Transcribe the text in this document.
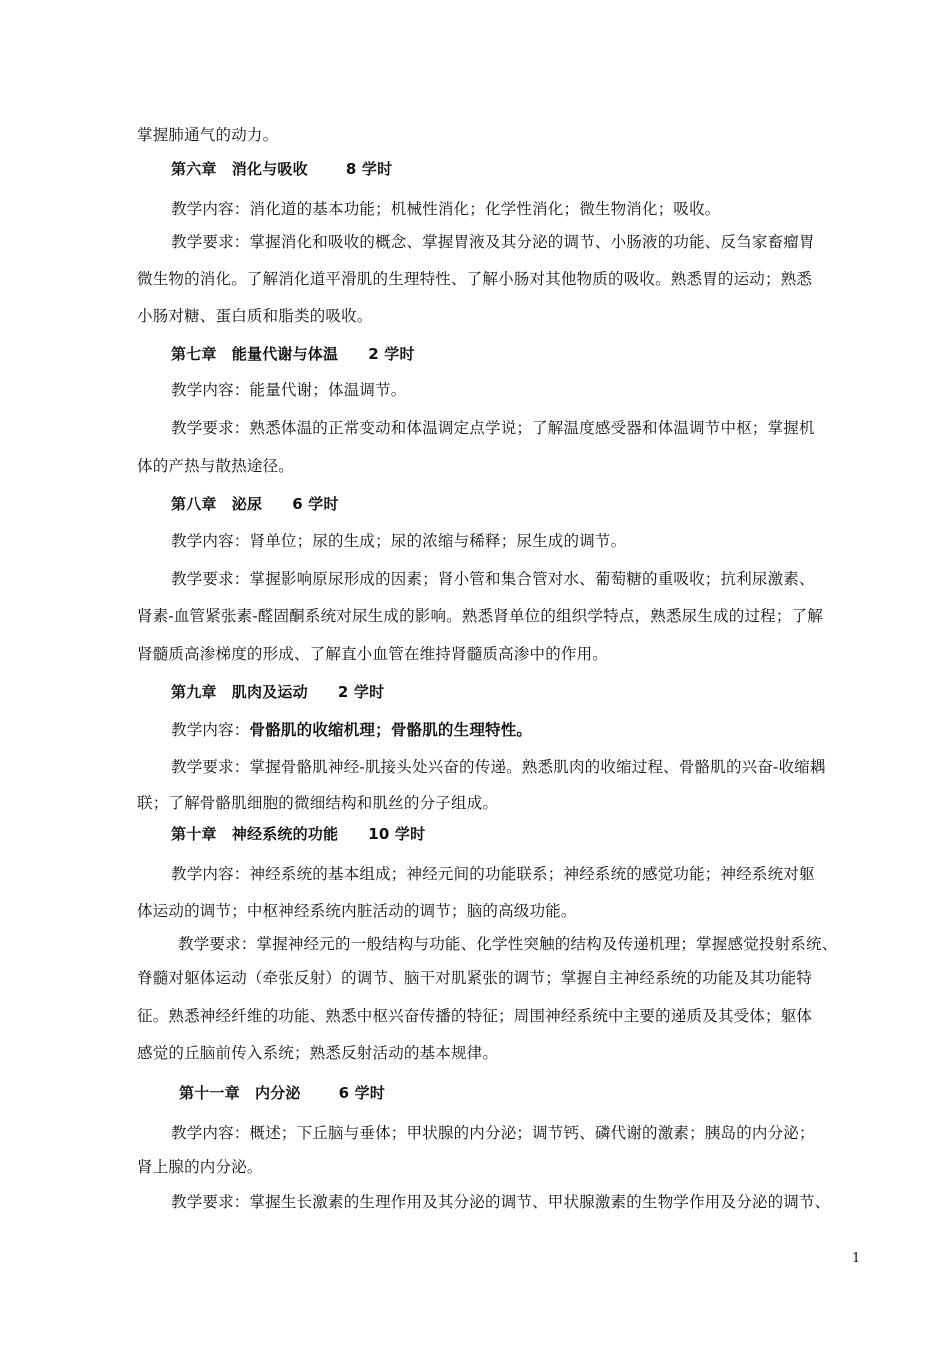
掌握肺通气的动力。
第六章　消化与吸收	8 学时
教学内容：消化道的基本功能；机械性消化；化学性消化；微生物消化；吸收。
教学要求：掌握消化和吸收的概念、掌握胃液及其分泌的调节、小肠液的功能、反刍家畜瘤胃
微生物的消化。了解消化道平滑肌的生理特性、了解小肠对其他物质的吸收。熟悉胃的运动；熟悉
小肠对糖、蛋白质和脂类的吸收。
第七章　能量代谢与体温 2 学时
教学内容：能量代谢；体温调节。
教学要求：熟悉体温的正常变动和体温调定点学说；了解温度感受器和体温调节中枢；掌握机
体的产热与散热途径。
第八章　泌尿 6 学时
教学内容：肾单位；尿的生成；尿的浓缩与稀释；尿生成的调节。
教学要求：掌握影响原尿形成的因素；肾小管和集合管对水、葡萄糖的重吸收；抗利尿激素、
肾素-血管紧张素-醛固酮系统对尿生成的影响。熟悉肾单位的组织学特点，熟悉尿生成的过程；了解
肾髓质高渗梯度的形成、了解直小血管在维持肾髓质高渗中的作用。
第九章　肌肉及运动 2 学时
教学内容：骨骼肌的收缩机理；骨骼肌的生理特性。
教学要求：掌握骨骼肌神经-肌接头处兴奋的传递。熟悉肌肉的收缩过程、骨骼肌的兴奋-收缩耦
联；了解骨骼肌细胞的微细结构和肌丝的分子组成。
第十章　神经系统的功能 10 学时
教学内容：神经系统的基本组成；神经元间的功能联系；神经系统的感觉功能；神经系统对躯
体运动的调节；中枢神经系统内脏活动的调节；脑的高级功能。
教学要求：掌握神经元的一般结构与功能、化学性突触的结构及传递机理；掌握感觉投射系统、
脊髓对躯体运动（牵张反射）的调节、脑干对肌紧张的调节；掌握自主神经系统的功能及其功能特
征。熟悉神经纤维的功能、熟悉中枢兴奋传播的特征；周围神经系统中主要的递质及其受体；躯体
感觉的丘脑前传入系统；熟悉反射活动的基本规律。
第十一章　内分泌	6 学时
教学内容：概述；下丘脑与垂体；甲状腺的内分泌；调节钙、磷代谢的激素；胰岛的内分泌；
肾上腺的内分泌。
教学要求：掌握生长激素的生理作用及其分泌的调节、甲状腺激素的生物学作用及分泌的调节、
1
